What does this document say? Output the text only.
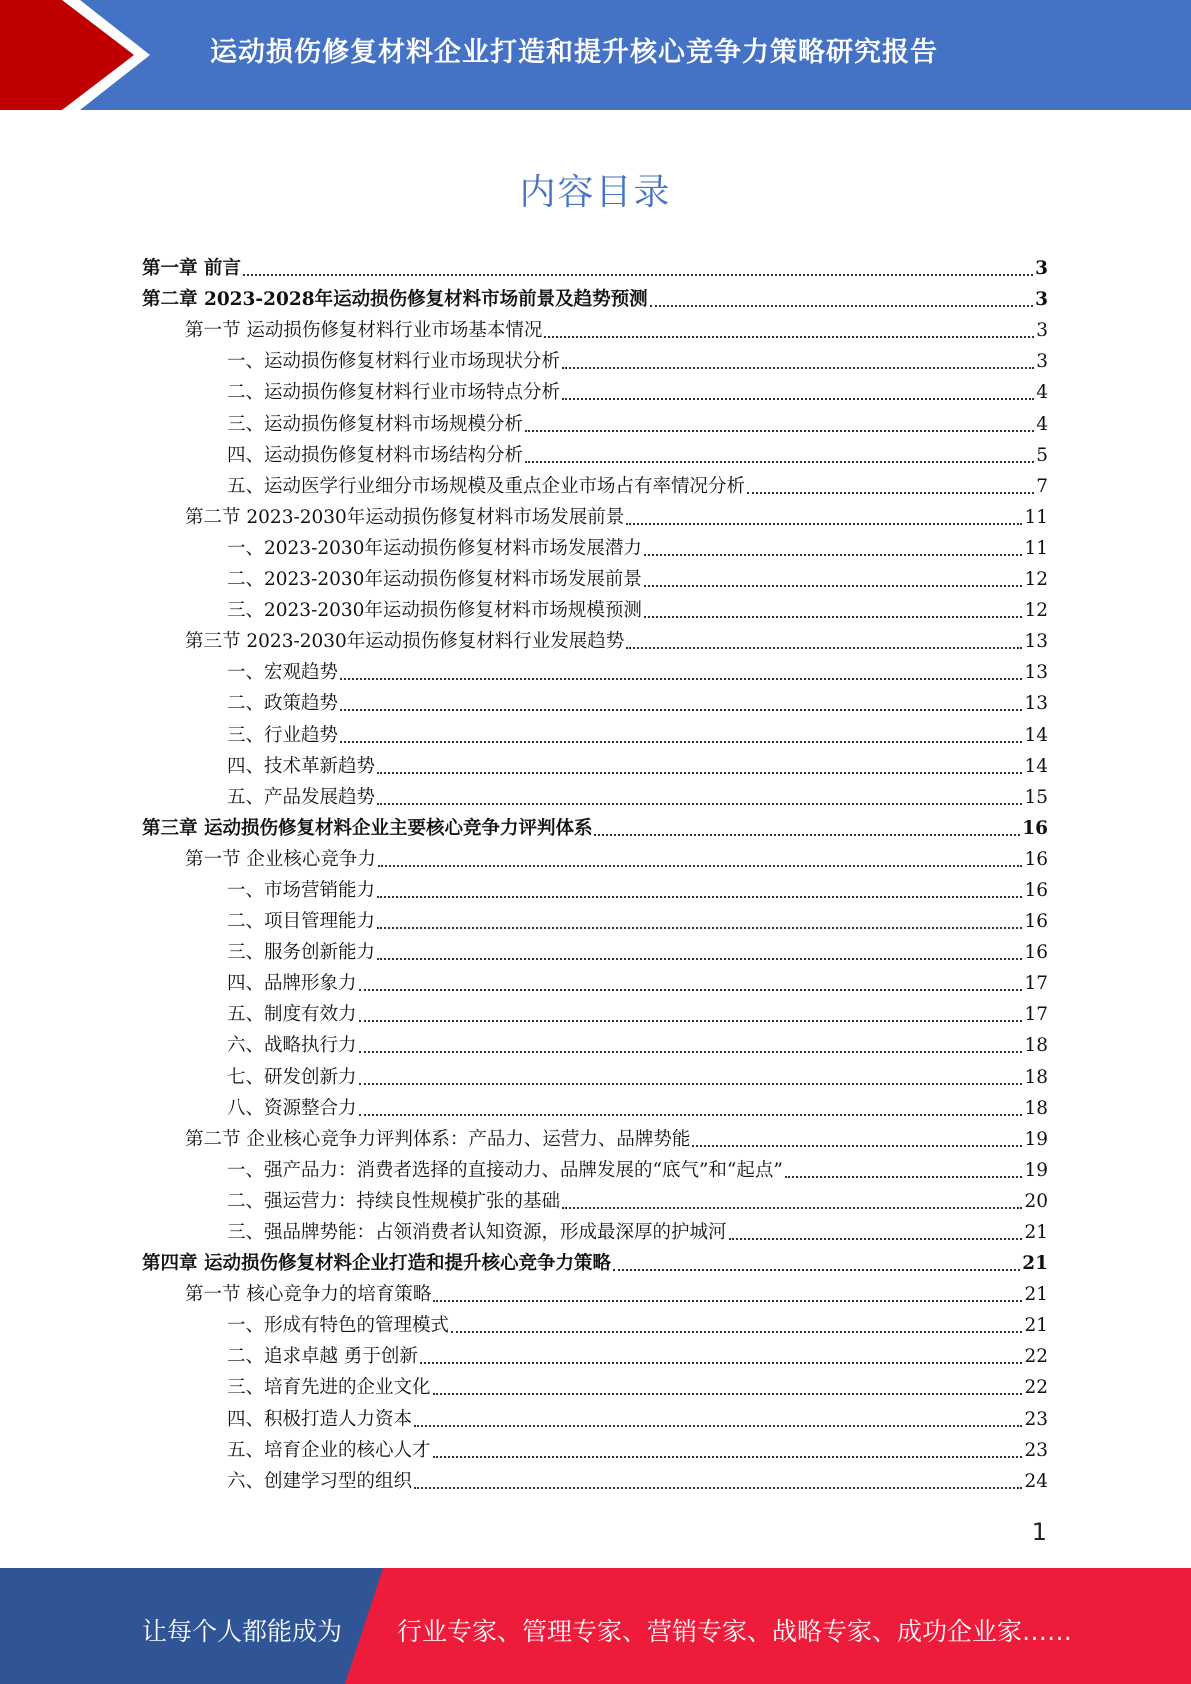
运动损伤修复材料企业打造和提升核心竞争力策略研究报告
内容目录
第一章 前言	3
第二章 2023-2028年运动损伤修复材料市场前景及趋势预测	3
第一节 运动损伤修复材料行业市场基本情况	3
一、运动损伤修复材料行业市场现状分析	3
二、运动损伤修复材料行业市场特点分析	4
三、运动损伤修复材料市场规模分析	4
四、运动损伤修复材料市场结构分析	5
五、运动医学行业细分市场规模及重点企业市场占有率情况分析	7
第二节 2023-2030年运动损伤修复材料市场发展前景	11
一、2023-2030年运动损伤修复材料市场发展潜力	11
二、2023-2030年运动损伤修复材料市场发展前景	12
三、2023-2030年运动损伤修复材料市场规模预测	12
第三节 2023-2030年运动损伤修复材料行业发展趋势	13
一、宏观趋势	13
二、政策趋势	13
三、行业趋势	14
四、技术革新趋势	14
五、产品发展趋势	15
第三章 运动损伤修复材料企业主要核心竞争力评判体系	16
第一节 企业核心竞争力	16
一、市场营销能力	16
二、项目管理能力	16
三、服务创新能力	16
四、品牌形象力	17
五、制度有效力	17
六、战略执行力	18
七、研发创新力	18
八、资源整合力	18
第二节 企业核心竞争力评判体系：产品力、运营力、品牌势能	19
一、强产品力：消费者选择的直接动力、品牌发展的“底气”和“起点”	19
二、强运营力：持续良性规模扩张的基础	20
三、强品牌势能：占领消费者认知资源，形成最深厚的护城河	21
第四章 运动损伤修复材料企业打造和提升核心竞争力策略	21
第一节 核心竞争力的培育策略	21
一、形成有特色的管理模式	21
二、追求卓越 勇于创新	22
三、培育先进的企业文化	22
四、积极打造人力资本	23
五、培育企业的核心人才	23
六、创建学习型的组织	24
1
让每个人都能成为 行业专家、管理专家、营销专家、战略专家、成功企业家……
